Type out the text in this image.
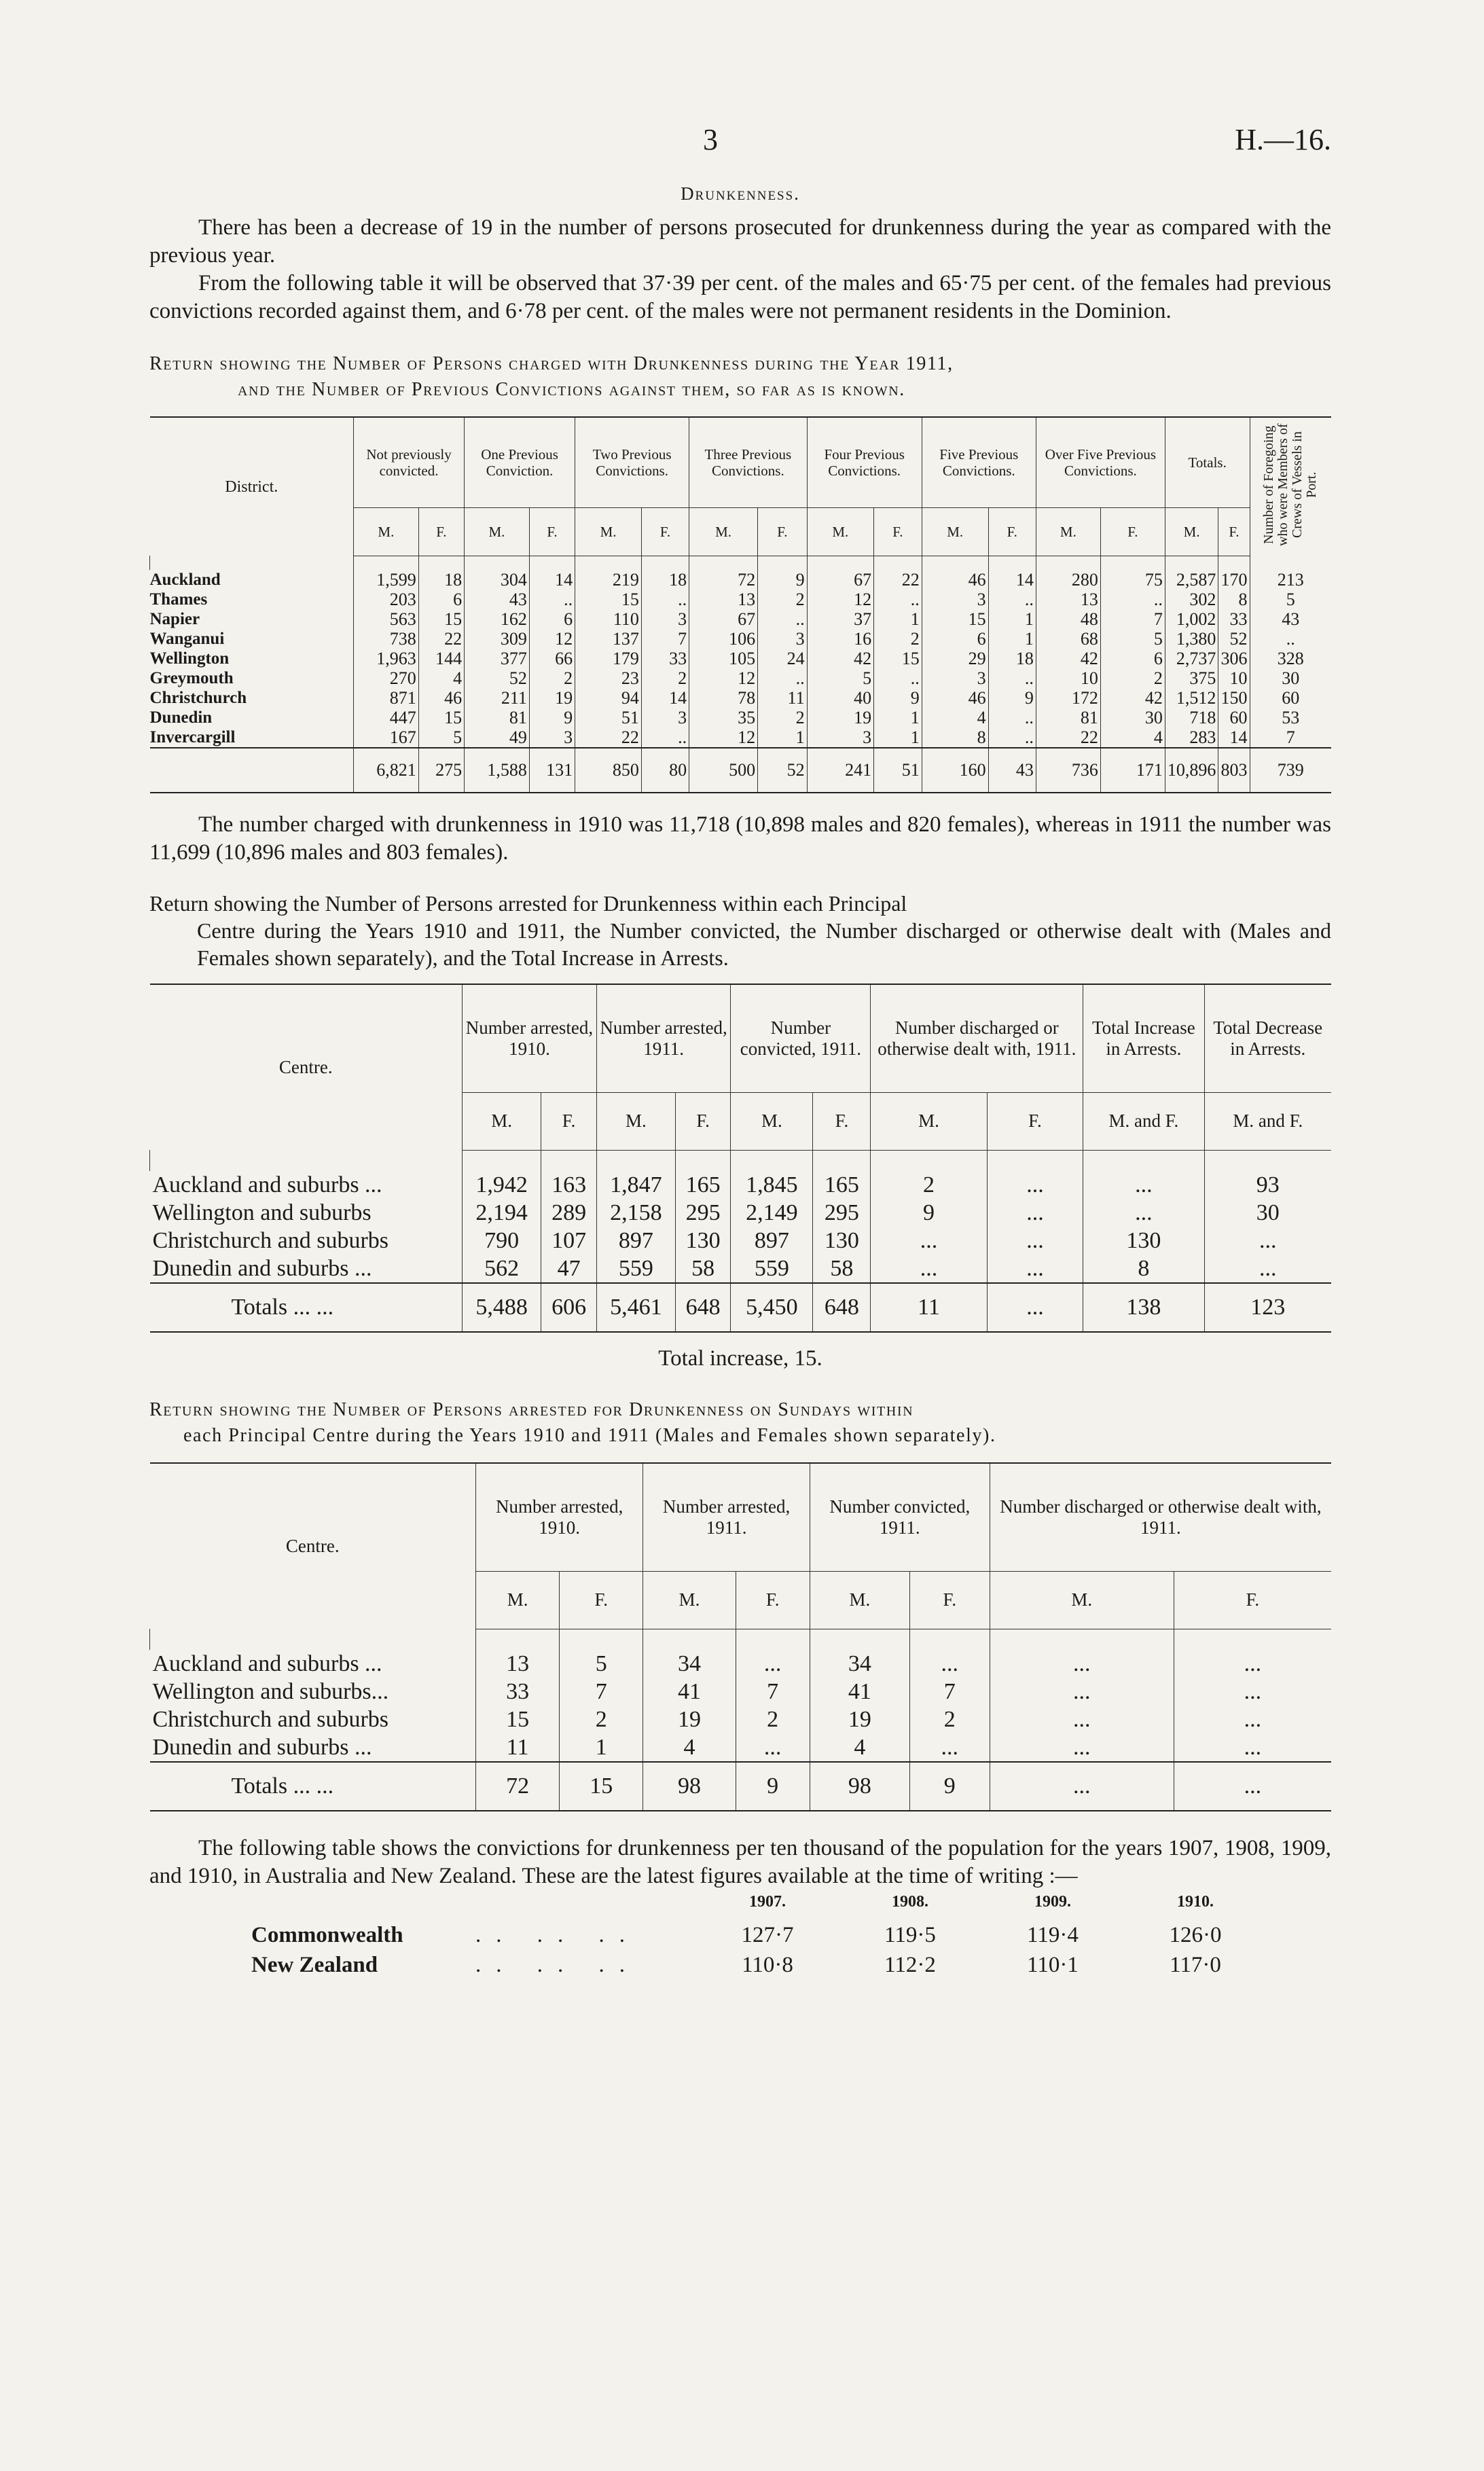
3	H.—16.
Drunkenness.

There has been a decrease of 19 in the number of persons prosecuted for drunkenness during the year as compared with the previous year.

From the following table it will be observed that 37·39 per cent. of the males and 65·75 per cent. of the females had previous convictions recorded against them, and 6·78 per cent. of the males were not permanent residents in the Dominion.

Return showing the Number of Persons charged with Drunkenness during the Year 1911,
and the Number of Previous Convictions against them, so far as is known.
District.	Not previously convicted.		One Previous Conviction.		Two Previous Convictions.		Three Previous Convictions.		Four Previous Convictions.		Five Previous Convictions.		Over Five Previous Convictions.		Totals.		Number of Foregoing who were Members of Crews of Vessels in Port.
	M.	F.	M.	F.	M.	F.	M.	F.	M.	F.	M.	F.	M.	F.	M.	F.	

Auckland	1,599	18	304	14	219	18	72	9	67	22	46	14	280	75	2,587	170	213
Thames	203	6	43	..	15	..	13	2	12	..	3	..	13	..	302	8	5
Napier	563	15	162	6	110	3	67	..	37	1	15	1	48	7	1,002	33	43
Wanganui	738	22	309	12	137	7	106	3	16	2	6	1	68	5	1,380	52	..
Wellington	1,963	144	377	66	179	33	105	24	42	15	29	18	42	6	2,737	306	328
Greymouth	270	4	52	2	23	2	12	..	5	..	3	..	10	2	375	10	30
Christchurch	871	46	211	19	94	14	78	11	40	9	46	9	172	42	1,512	150	60
Dunedin	447	15	81	9	51	3	35	2	19	1	4	..	81	30	718	60	53
Invercargill	167	5	49	3	22	..	12	1	3	1	8	..	22	4	283	14	7
	6,821	275	1,588	131	850	80	500	52	241	51	160	43	736	171	10,896	803	739

The number charged with drunkenness in 1910 was 11,718 (10,898 males and 820 females), whereas in 1911 the number was 11,699 (10,896 males and 803 females).

Return showing the Number of Persons arrested for Drunkenness within each Principal
Centre during the Years 1910 and 1911, the Number convicted, the Number discharged or otherwise dealt with (Males and Females shown separately), and the Total Increase in Arrests.
Centre.	Number arrested, 1910.		Number arrested, 1911.		Number convicted, 1911.		Number discharged or otherwise dealt with, 1911.		Total Increase in Arrests.	Total Decrease in Arrests.
	M.	F.	M.	F.	M.	F.	M.	F.	M. and F.	M. and F.

Auckland and suburbs ...	1,942	163	1,847	165	1,845	165	2	...	...	93
Wellington and suburbs	2,194	289	2,158	295	2,149	295	9	...	...	30
Christchurch and suburbs	790	107	897	130	897	130	...	...	130	...
Dunedin and suburbs ...	562	47	559	58	559	58	...	...	8	...
Totals ... ...	5,488	606	5,461	648	5,450	648	11	...	138	123
Total increase, 15.
Return showing the Number of Persons arrested for Drunkenness on Sundays within
each Principal Centre during the Years 1910 and 1911 (Males and Females shown separately).
Centre.	Number arrested, 1910.		Number arrested, 1911.		Number convicted, 1911.		Number discharged or otherwise dealt with, 1911.	
	M.	F.	M.	F.	M.	F.	M.	F.

Auckland and suburbs ...	13	5	34	...	34	...	...	...
Wellington and suburbs...	33	7	41	7	41	7	...	...
Christchurch and suburbs	15	2	19	2	19	2	...	...
Dunedin and suburbs ...	11	1	4	...	4	...	...	...
Totals ... ...	72	15	98	9	98	9	...	...

The following table shows the convictions for drunkenness per ten thousand of the population for the years 1907, 1908, 1909, and 1910, in Australia and New Zealand. These are the latest figures available at the time of writing :—

1907.	1908.	1909.	1910.
Commonwealth	.. .. ..	127·7	119·5	119·4	126·0
New Zealand	.. .. ..	110·8	112·2	110·1	117·0
